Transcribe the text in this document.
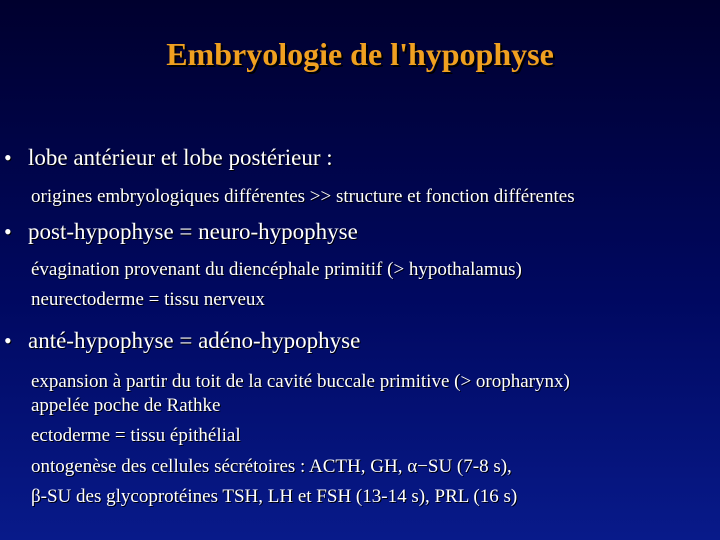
Embryologie de l'hypophyse
• lobe antérieur et lobe postérieur :
origines embryologiques différentes >> structure et fonction différentes
• post-hypophyse = neuro-hypophyse
évagination provenant du diencéphale primitif (> hypothalamus)
neurectoderme = tissu nerveux
• anté-hypophyse = adéno-hypophyse
expansion à partir du toit de la cavité buccale primitive (> oropharynx)
appelée poche de Rathke
ectoderme = tissu épithélial
ontogenèse des cellules sécrétoires : ACTH, GH, α−SU (7-8 s),
β-SU des glycoprotéines TSH, LH et FSH (13-14 s), PRL (16 s)
